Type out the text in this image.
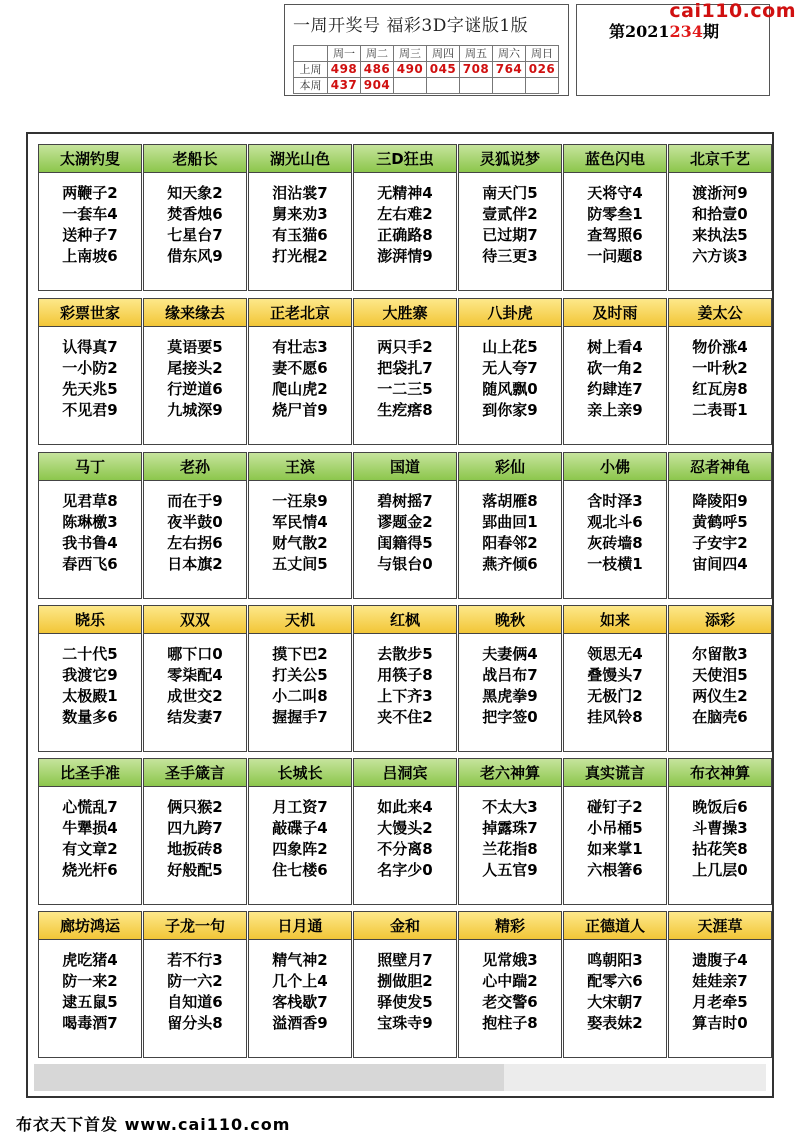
一周开奖号 福彩3D字谜版1版
	周一	周二	周三	周四	周五	周六	周日
上周	498	486	490	045	708	764	026
本周	437	904					
第2021234期
cai110.com
太湖钓叟
两鞭子2
一套车4
送种子7
上南坡6
老船长
知天象2
焚香烛6
七星台7
借东风9
湖光山色
泪沾裳7
舅来劝3
有玉猫6
打光棍2
三D狂虫
无精神4
左右难2
正确路8
澎湃情9
灵狐说梦
南天门5
壹贰伴2
已过期7
待三更3
蓝色闪电
天将守4
防零叁1
查驾照6
一问题8
北京千艺
渡浙河9
和拾壹0
来执法5
六方谈3
彩票世家
认得真7
一小防2
先天兆5
不见君9
缘来缘去
莫语要5
尾接头2
行逆道6
九城深9
正老北京
有壮志3
妻不愿6
爬山虎2
烧尸首9
大胜寨
两只手2
把袋扎7
一二三5
生疙瘩8
八卦虎
山上花5
无人夸7
随风飘0
到你家9
及时雨
树上看4
砍一角2
约肆连7
亲上亲9
姜太公
物价涨4
一叶秋2
红瓦房8
二表哥1
马丁
见君草8
陈琳檄3
我书鲁4
春西飞6
老孙
而在于9
夜半鼓0
左右拐6
日本旗2
王滨
一汪泉9
军民情4
财气散2
五丈间5
国道
碧树摇7
谬题金2
闺籍得5
与银台0
彩仙
落胡雁8
郢曲回1
阳春邻2
燕齐倾6
小佛
含时泽3
观北斗6
灰砖墙8
一枝横1
忍者神龟
降陵阳9
黄鹤呼5
子安宇2
宙间四4
晓乐
二十代5
我渡它9
太极殿1
数量多6
双双
哪下口0
零柒配4
成世交2
结发妻7
天机
摸下巴2
打关公5
小二叫8
握握手7
红枫
去散步5
用筷子8
上下齐3
夹不住2
晚秋
夫妻俩4
战吕布7
黑虎拳9
把字签0
如来
领思无4
叠馒头7
无极门2
挂风铃8
添彩
尔留散3
天使泪5
两仪生2
在脑壳6
比圣手准
心慌乱7
牛犟损4
有文章2
烧光杆6
圣手箴言
俩只猴2
四九跨7
地扳砖8
好般配5
长城长
月工资7
敲碟子4
四象阵2
住七楼6
吕洞宾
如此来4
大馒头2
不分离8
名字少0
老六神算
不太大3
掉露珠7
兰花指8
人五官9
真实谎言
碰钉子2
小吊桶5
如来掌1
六根箸6
布衣神算
晚饭后6
斗曹操3
拈花笑8
上几层0
廊坊鸿运
虎吃猪4
防一来2
逮五鼠5
喝毒酒7
子龙一句
若不行3
防一六2
自知道6
留分头8
日月通
精气神2
几个上4
客栈歇7
溢酒香9
金和
照壁月7
捌做胆2
驿使发5
宝珠寺9
精彩
见常娥3
心中踹2
老交警6
抱柱子8
正德道人
鸣朝阳3
配零六6
大宋朝7
娶表妹2
天涯草
遗腹子4
娃娃亲7
月老牵5
算吉时0
布衣天下首发 www.cai110.com
